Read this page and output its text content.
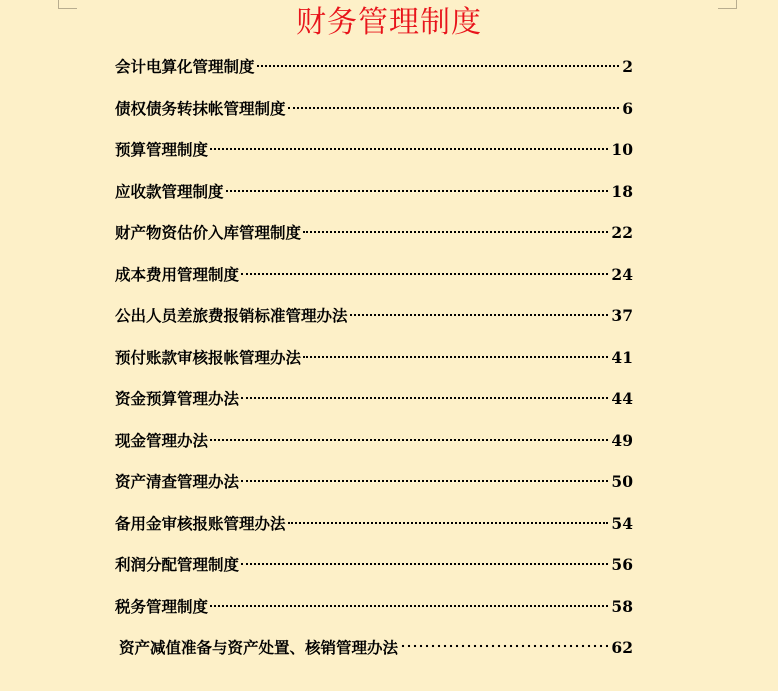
财务管理制度
会计电算化管理制度	2
债权债务转抹帐管理制度	6
预算管理制度	10
应收款管理制度	18
财产物资估价入库管理制度	22
成本费用管理制度	24
公出人员差旅费报销标准管理办法	37
预付账款审核报帐管理办法	41
资金预算管理办法	44
现金管理办法	49
资产清查管理办法	50
备用金审核报账管理办法	54
利润分配管理制度	56
税务管理制度	58
资产减值准备与资产处置、核销管理办法	62
